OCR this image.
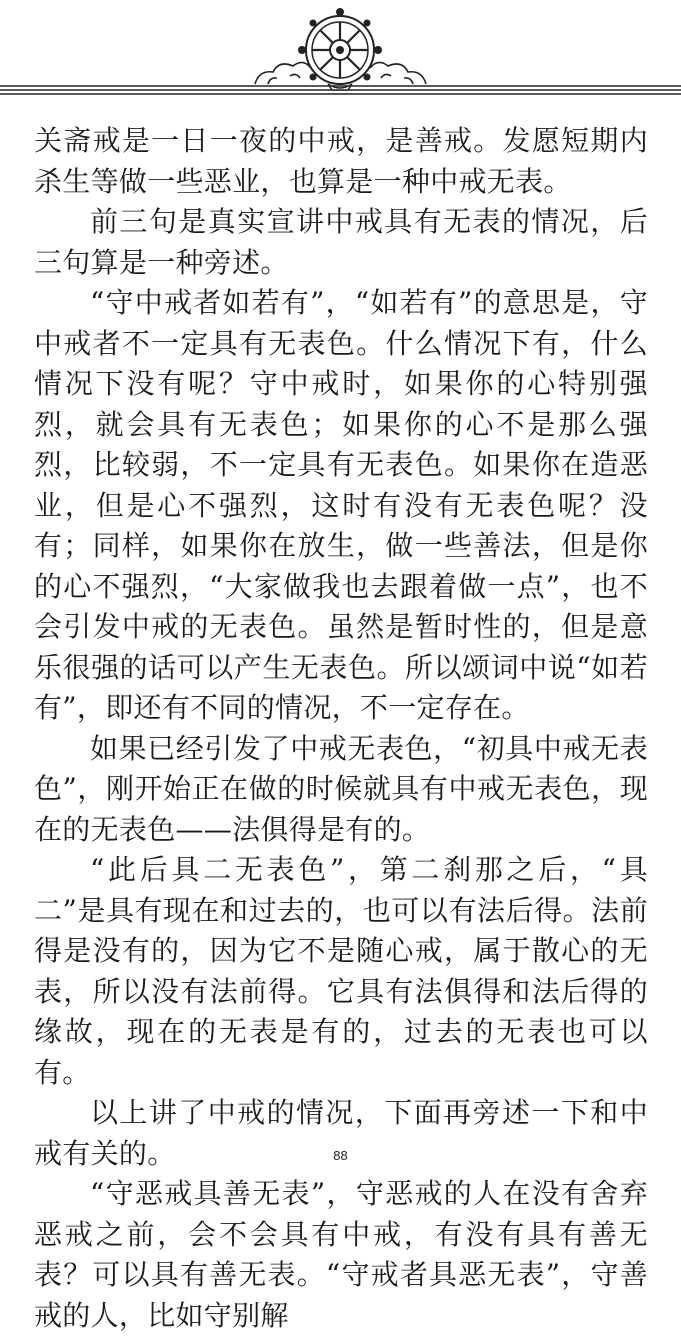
关斋戒是一日一夜的中戒，是善戒。发愿短期内杀生等做一些恶业，也算是一种中戒无表。

前三句是真实宣讲中戒具有无表的情况，后三句算是一种旁述。

“守中戒者如若有”，“如若有”的意思是，守中戒者不一定具有无表色。什么情况下有，什么情况下没有呢？守中戒时，如果你的心特别强烈，就会具有无表色；如果你的心不是那么强烈，比较弱，不一定具有无表色。如果你在造恶业，但是心不强烈，这时有没有无表色呢？没有；同样，如果你在放生，做一些善法，但是你的心不强烈，“大家做我也去跟着做一点”，也不会引发中戒的无表色。虽然是暂时性的，但是意乐很强的话可以产生无表色。所以颂词中说“如若有”，即还有不同的情况，不一定存在。

如果已经引发了中戒无表色，“初具中戒无表色”，刚开始正在做的时候就具有中戒无表色，现在的无表色——法俱得是有的。

“此后具二无表色”，第二刹那之后，“具二”是具有现在和过去的，也可以有法后得。法前得是没有的，因为它不是随心戒，属于散心的无表，所以没有法前得。它具有法俱得和法后得的缘故，现在的无表是有的，过去的无表也可以有。

以上讲了中戒的情况，下面再旁述一下和中戒有关的。

“守恶戒具善无表”，守恶戒的人在没有舍弃恶戒之前，会不会具有中戒，有没有具有善无表？可以具有善无表。“守戒者具恶无表”，守善戒的人，比如守别解

88
